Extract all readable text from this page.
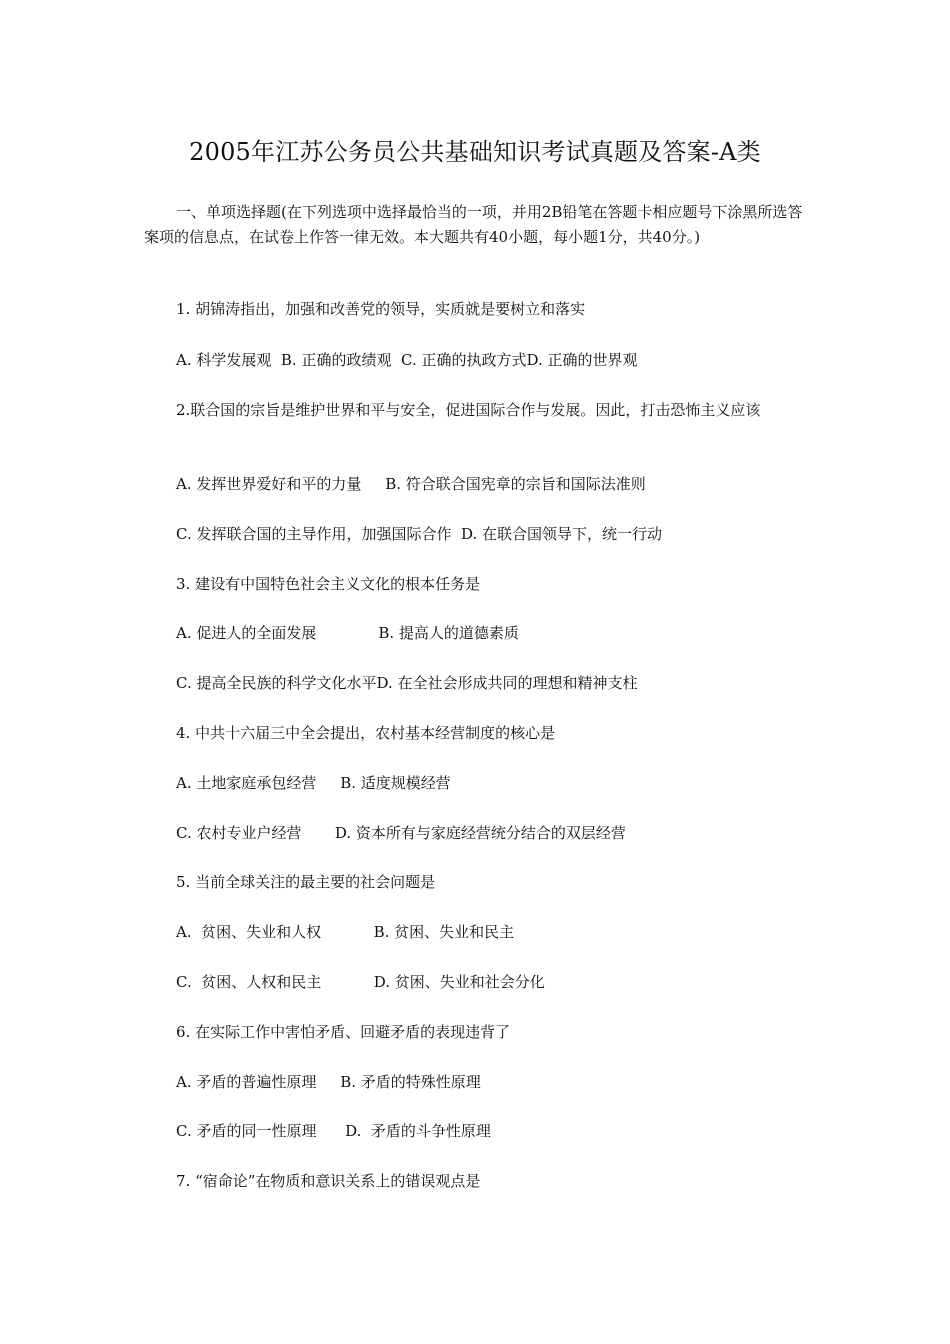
2005年江苏公务员公共基础知识考试真题及答案-A类
一、单项选择题(在下列选项中选择最恰当的一项，并用2B铅笔在答题卡相应题号下涂黑所选答案项的信息点，在试卷上作答一律无效。本大题共有40小题，每小题1分，共40分。)
1. 胡锦涛指出，加强和改善党的领导，实质就是要树立和落实
A. 科学发展观  B. 正确的政绩观  C. 正确的执政方式D. 正确的世界观
2.联合国的宗旨是维护世界和平与安全，促进国际合作与发展。因此，打击恐怖主义应该
A. 发挥世界爱好和平的力量     B. 符合联合国宪章的宗旨和国际法准则
C. 发挥联合国的主导作用，加强国际合作  D. 在联合国领导下，统一行动
3. 建设有中国特色社会主义文化的根本任务是
A. 促进人的全面发展             B. 提高人的道德素质
C. 提高全民族的科学文化水平D. 在全社会形成共同的理想和精神支柱
4. 中共十六届三中全会提出，农村基本经营制度的核心是
A. 土地家庭承包经营     B. 适度规模经营
C. 农村专业户经营       D. 资本所有与家庭经营统分结合的双层经营
5. 当前全球关注的最主要的社会问题是
A.  贫困、失业和人权           B. 贫困、失业和民主
C.  贫困、人权和民主           D. 贫困、失业和社会分化
6. 在实际工作中害怕矛盾、回避矛盾的表现违背了
A. 矛盾的普遍性原理     B. 矛盾的特殊性原理
C. 矛盾的同一性原理      D.  矛盾的斗争性原理
7. “宿命论”在物质和意识关系上的错误观点是
